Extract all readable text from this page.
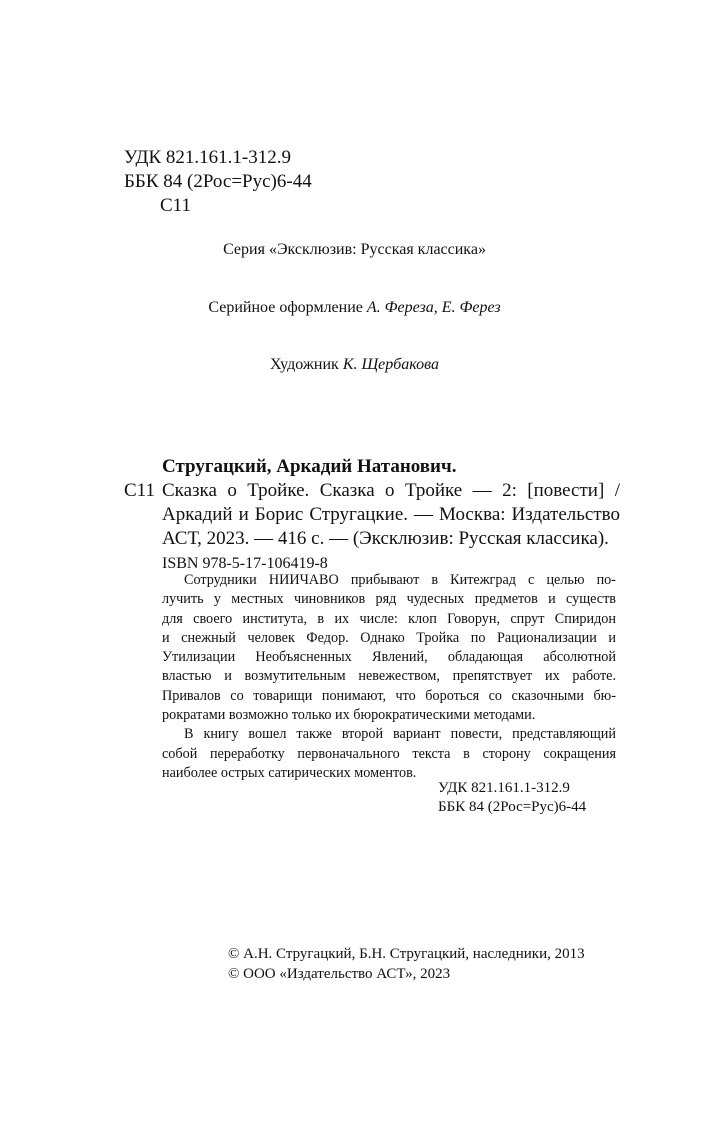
УДК 821.161.1-312.9
ББК 84 (2Рос=Рус)6-44
С11
Серия «Эксклюзив: Русская классика»
Серийное оформление А. Фереза, Е. Ферез
Художник К. Щербакова
Стругацкий, Аркадий Натанович.
С11 Сказка о Тройке. Сказка о Тройке — 2: [повести] /
Аркадий и Борис Стругацкие. — Москва: Издательство
АСТ, 2023. — 416 с. — (Эксклюзив: Русская классика).
ISBN 978-5-17-106419-8
Сотрудники НИИЧАВО прибывают в Китежград с целью по-
лучить у местных чиновников ряд чудесных предметов и существ
для своего института, в их числе: клоп Говорун, спрут Спиридон
и снежный человек Федор. Однако Тройка по Рационализации и
Утилизации Необъясненных Явлений, обладающая абсолютной
властью и возмутительным невежеством, препятствует их работе.
Привалов со товарищи понимают, что бороться со сказочными бю-
рократами возможно только их бюрократическими методами.
В книгу вошел также второй вариант повести, представляющий
собой переработку первоначального текста в сторону сокращения
наиболее острых сатирических моментов.
УДК 821.161.1-312.9
ББК 84 (2Рос=Рус)6-44
© А.Н. Стругацкий, Б.Н. Стругацкий, наследники, 2013
© ООО «Издательство АСТ», 2023
